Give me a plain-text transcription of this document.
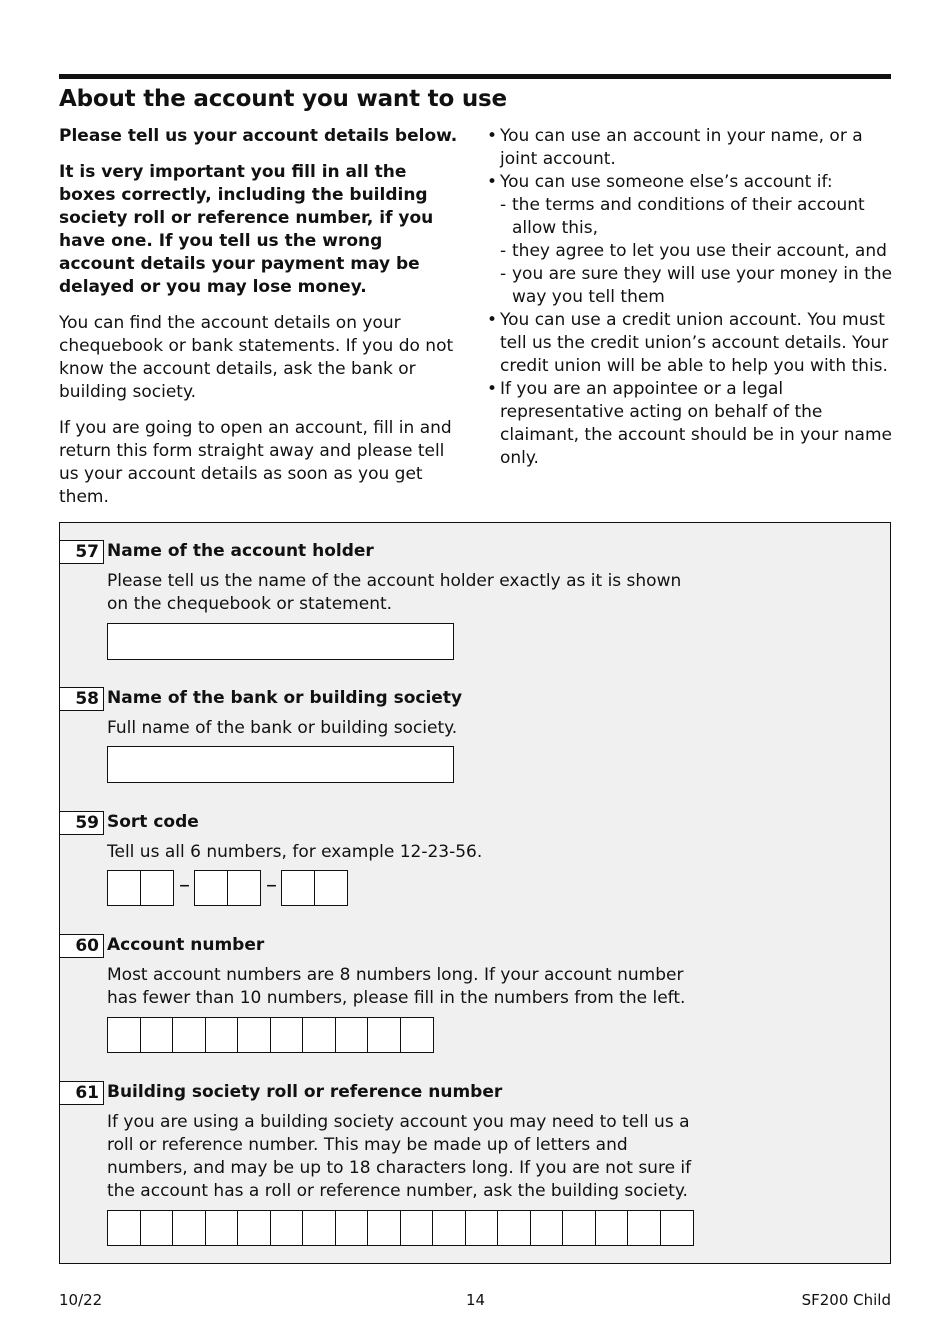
About the account you want to use

Please tell us your account details below.

It is very important you fill in all the boxes correctly, including the building society roll or reference number, if you have one. If you tell us the wrong account details your payment may be delayed or you may lose money.

You can find the account details on your chequebook or bank statements. If you do not know the account details, ask the bank or building society.

If you are going to open an account, fill in and return this form straight away and please tell us your account details as soon as you get them.

• You can use an account in your name, or a joint account.
• You can use someone else’s account if:
- the terms and conditions of their account allow this,
- they agree to let you use their account, and
- you are sure they will use your money in the way you tell them
• You can use a credit union account. You must tell us the credit union’s account details. Your credit union will be able to help you with this.
• If you are an appointee or a legal representative acting on behalf of the claimant, the account should be in your name only.
57 Name of the account holder

Please tell us the name of the account holder exactly as it is shown on the chequebook or statement.

58 Name of the bank or building society

Full name of the bank or building society.

59 Sort code

Tell us all 6 numbers, for example 12-23-56.

–	–
60 Account number

Most account numbers are 8 numbers long. If your account number has fewer than 10 numbers, please fill in the numbers from the left.

61 Building society roll or reference number

If you are using a building society account you may need to tell us a roll or reference number. This may be made up of letters and numbers, and may be up to 18 characters long. If you are not sure if the account has a roll or reference number, ask the building society.

10/22	14	SF200 Child
